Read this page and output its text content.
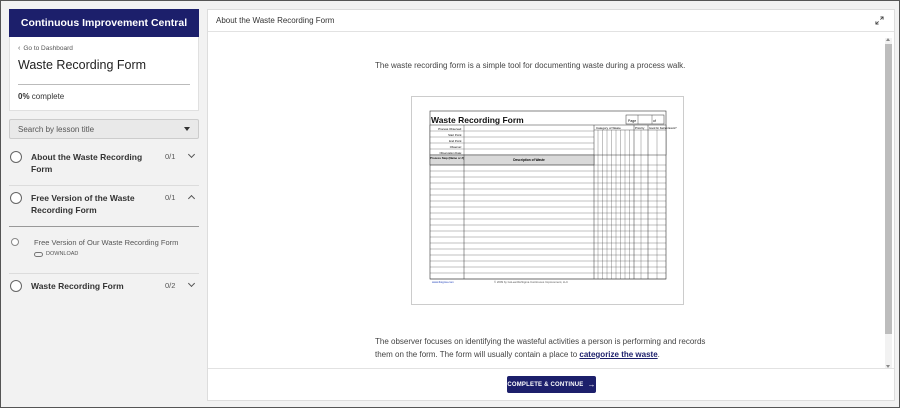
Continuous Improvement Central
‹ Go to Dashboard
Waste Recording Form
0% complete
Search by lesson title
About the Waste Recording Form
0/1
Free Version of the Waste Recording Form
0/1
Free Version of Our Waste Recording Form
DOWNLOAD
Waste Recording Form	0/2
About the Waste Recording Form
The waste recording form is a simple tool for documenting waste during a process walk.
Waste Recording Form	Page	of
Category of Waste	Priority Good for Kaizen Event?
Process Observed:
Start Point:
End Point:
Observer:
Observation Date:
Process Step (Name or #)	Description of Waste
www.6sigma.com	© 2009 by GoLeanSixSigma Continuous Improvement, LLC
The observer focuses on identifying the wasteful activities a person is performing and records them on the form. The form will usually contain a place to categorize the waste.
COMPLETE & CONTINUE →
